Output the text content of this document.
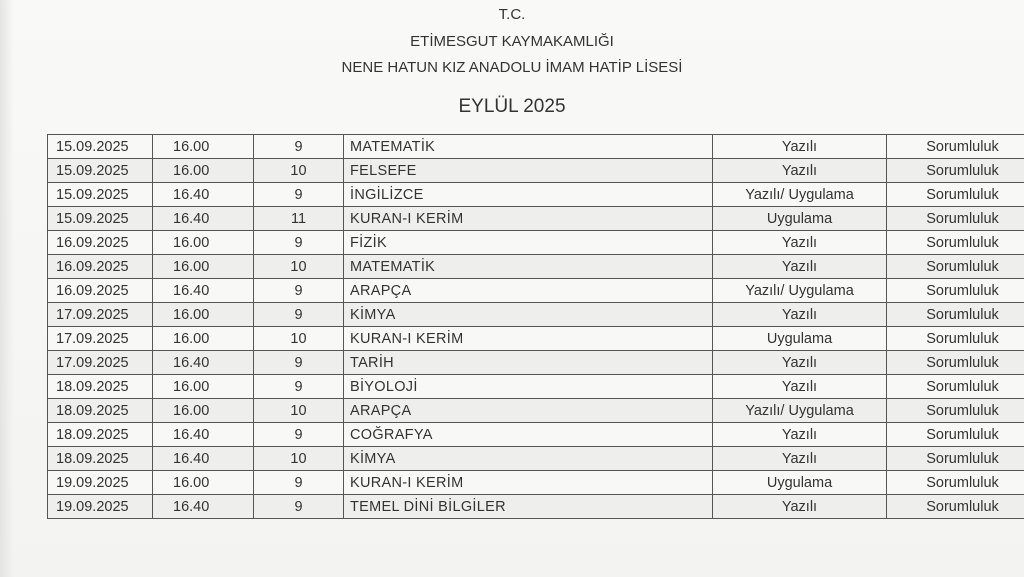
T.C.
ETİMESGUT KAYMAKAMLIĞI
NENE HATUN KIZ ANADOLU İMAM HATİP LİSESİ
EYLÜL 2025
15.09.2025	16.00	9	MATEMATİK	Yazılı	Sorumluluk
15.09.2025	16.00	10	FELSEFE	Yazılı	Sorumluluk
15.09.2025	16.40	9	İNGİLİZCE	Yazılı/ Uygulama	Sorumluluk
15.09.2025	16.40	11	KURAN-I KERİM	Uygulama	Sorumluluk
16.09.2025	16.00	9	FİZİK	Yazılı	Sorumluluk
16.09.2025	16.00	10	MATEMATİK	Yazılı	Sorumluluk
16.09.2025	16.40	9	ARAPÇA	Yazılı/ Uygulama	Sorumluluk
17.09.2025	16.00	9	KİMYA	Yazılı	Sorumluluk
17.09.2025	16.00	10	KURAN-I KERİM	Uygulama	Sorumluluk
17.09.2025	16.40	9	TARİH	Yazılı	Sorumluluk
18.09.2025	16.00	9	BİYOLOJİ	Yazılı	Sorumluluk
18.09.2025	16.00	10	ARAPÇA	Yazılı/ Uygulama	Sorumluluk
18.09.2025	16.40	9	COĞRAFYA	Yazılı	Sorumluluk
18.09.2025	16.40	10	KİMYA	Yazılı	Sorumluluk
19.09.2025	16.00	9	KURAN-I KERİM	Uygulama	Sorumluluk
19.09.2025	16.40	9	TEMEL DİNİ BİLGİLER	Yazılı	Sorumluluk
